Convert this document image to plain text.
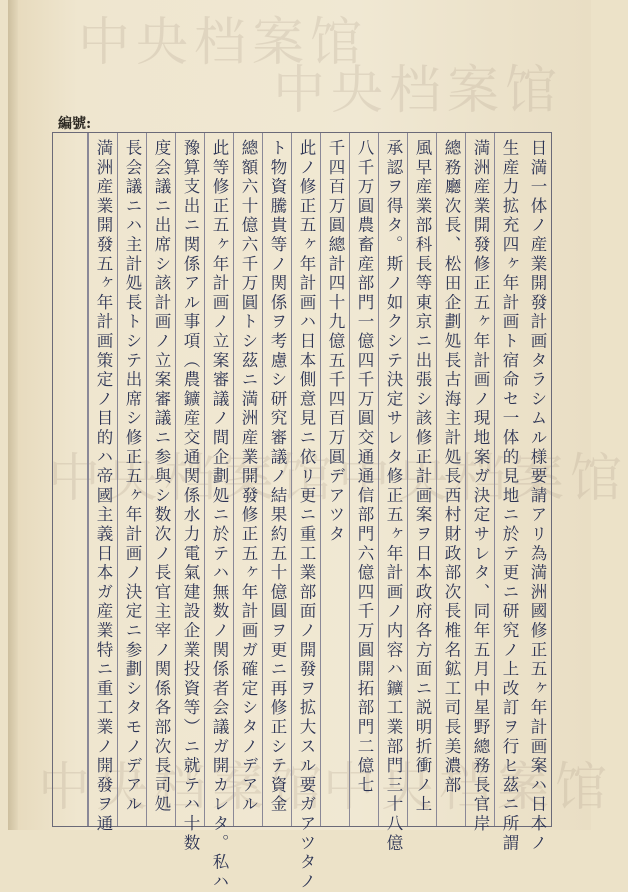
中央档案馆
中央档案馆
中央档案馆 中央档案馆
中央档案馆
中央档案馆
編號:
日満一体ノ産業開發計画タラシムル様要請アリ為満洲國修正五ヶ年計画案ハ日本ノ
生産力拡充四ヶ年計画ト宿命セ一体的見地ニ於テ更ニ研究ノ上改訂ヲ行ヒ茲ニ所謂
満洲産業開發修正五ヶ年計画ノ現地案ガ決定サレタ、同年五月中星野總務長官岸
總務廳次長、松田企劃処長古海主計処長西村財政部次長椎名鉱工司長美濃部
風早産業部科長等東京ニ出張シ該修正計画案ヲ日本政府各方面ニ説明折衝ノ上
承認ヲ得タ。斯ノ如クシテ決定サレタ修正五ヶ年計画ノ内容ハ鑛工業部門三十八億
八千万圓農畜産部門一億四千万圓交通通信部門六億四千万圓開拓部門二億七
千四百万圓總計四十九億五千四百万圓デアツタ
此ノ修正五ヶ年計画ハ日本側意見ニ依リ更ニ重工業部面ノ開發ヲ拡大スル要ガアツタノ
ト物資騰貴等ノ関係ヲ考慮シ研究審議ノ結果約五十億圓ヲ更ニ再修正シテ資金
總額六十億六千万圓トシ茲ニ満洲産業開發修正五ヶ年計画ガ確定シタノデアル
此等修正五ヶ年計画ノ立案審議ノ間企劃処ニ於テハ無数ノ関係者会議ガ開カレタ。私ハ
豫算支出ニ関係アル事項（農鑛産交通関係水力電氣建設企業投資等）ニ就テハ十数
度会議ニ出席シ該計画ノ立案審議ニ参與シ数次ノ長官主宰ノ関係各部次長司処
長会議ニハ主計処長トシテ出席シ修正五ヶ年計画ノ決定ニ参劃シタモノデアル
満洲産業開發五ヶ年計画策定ノ目的ハ帝國主義日本ガ産業特ニ重工業ノ開發ヲ通
